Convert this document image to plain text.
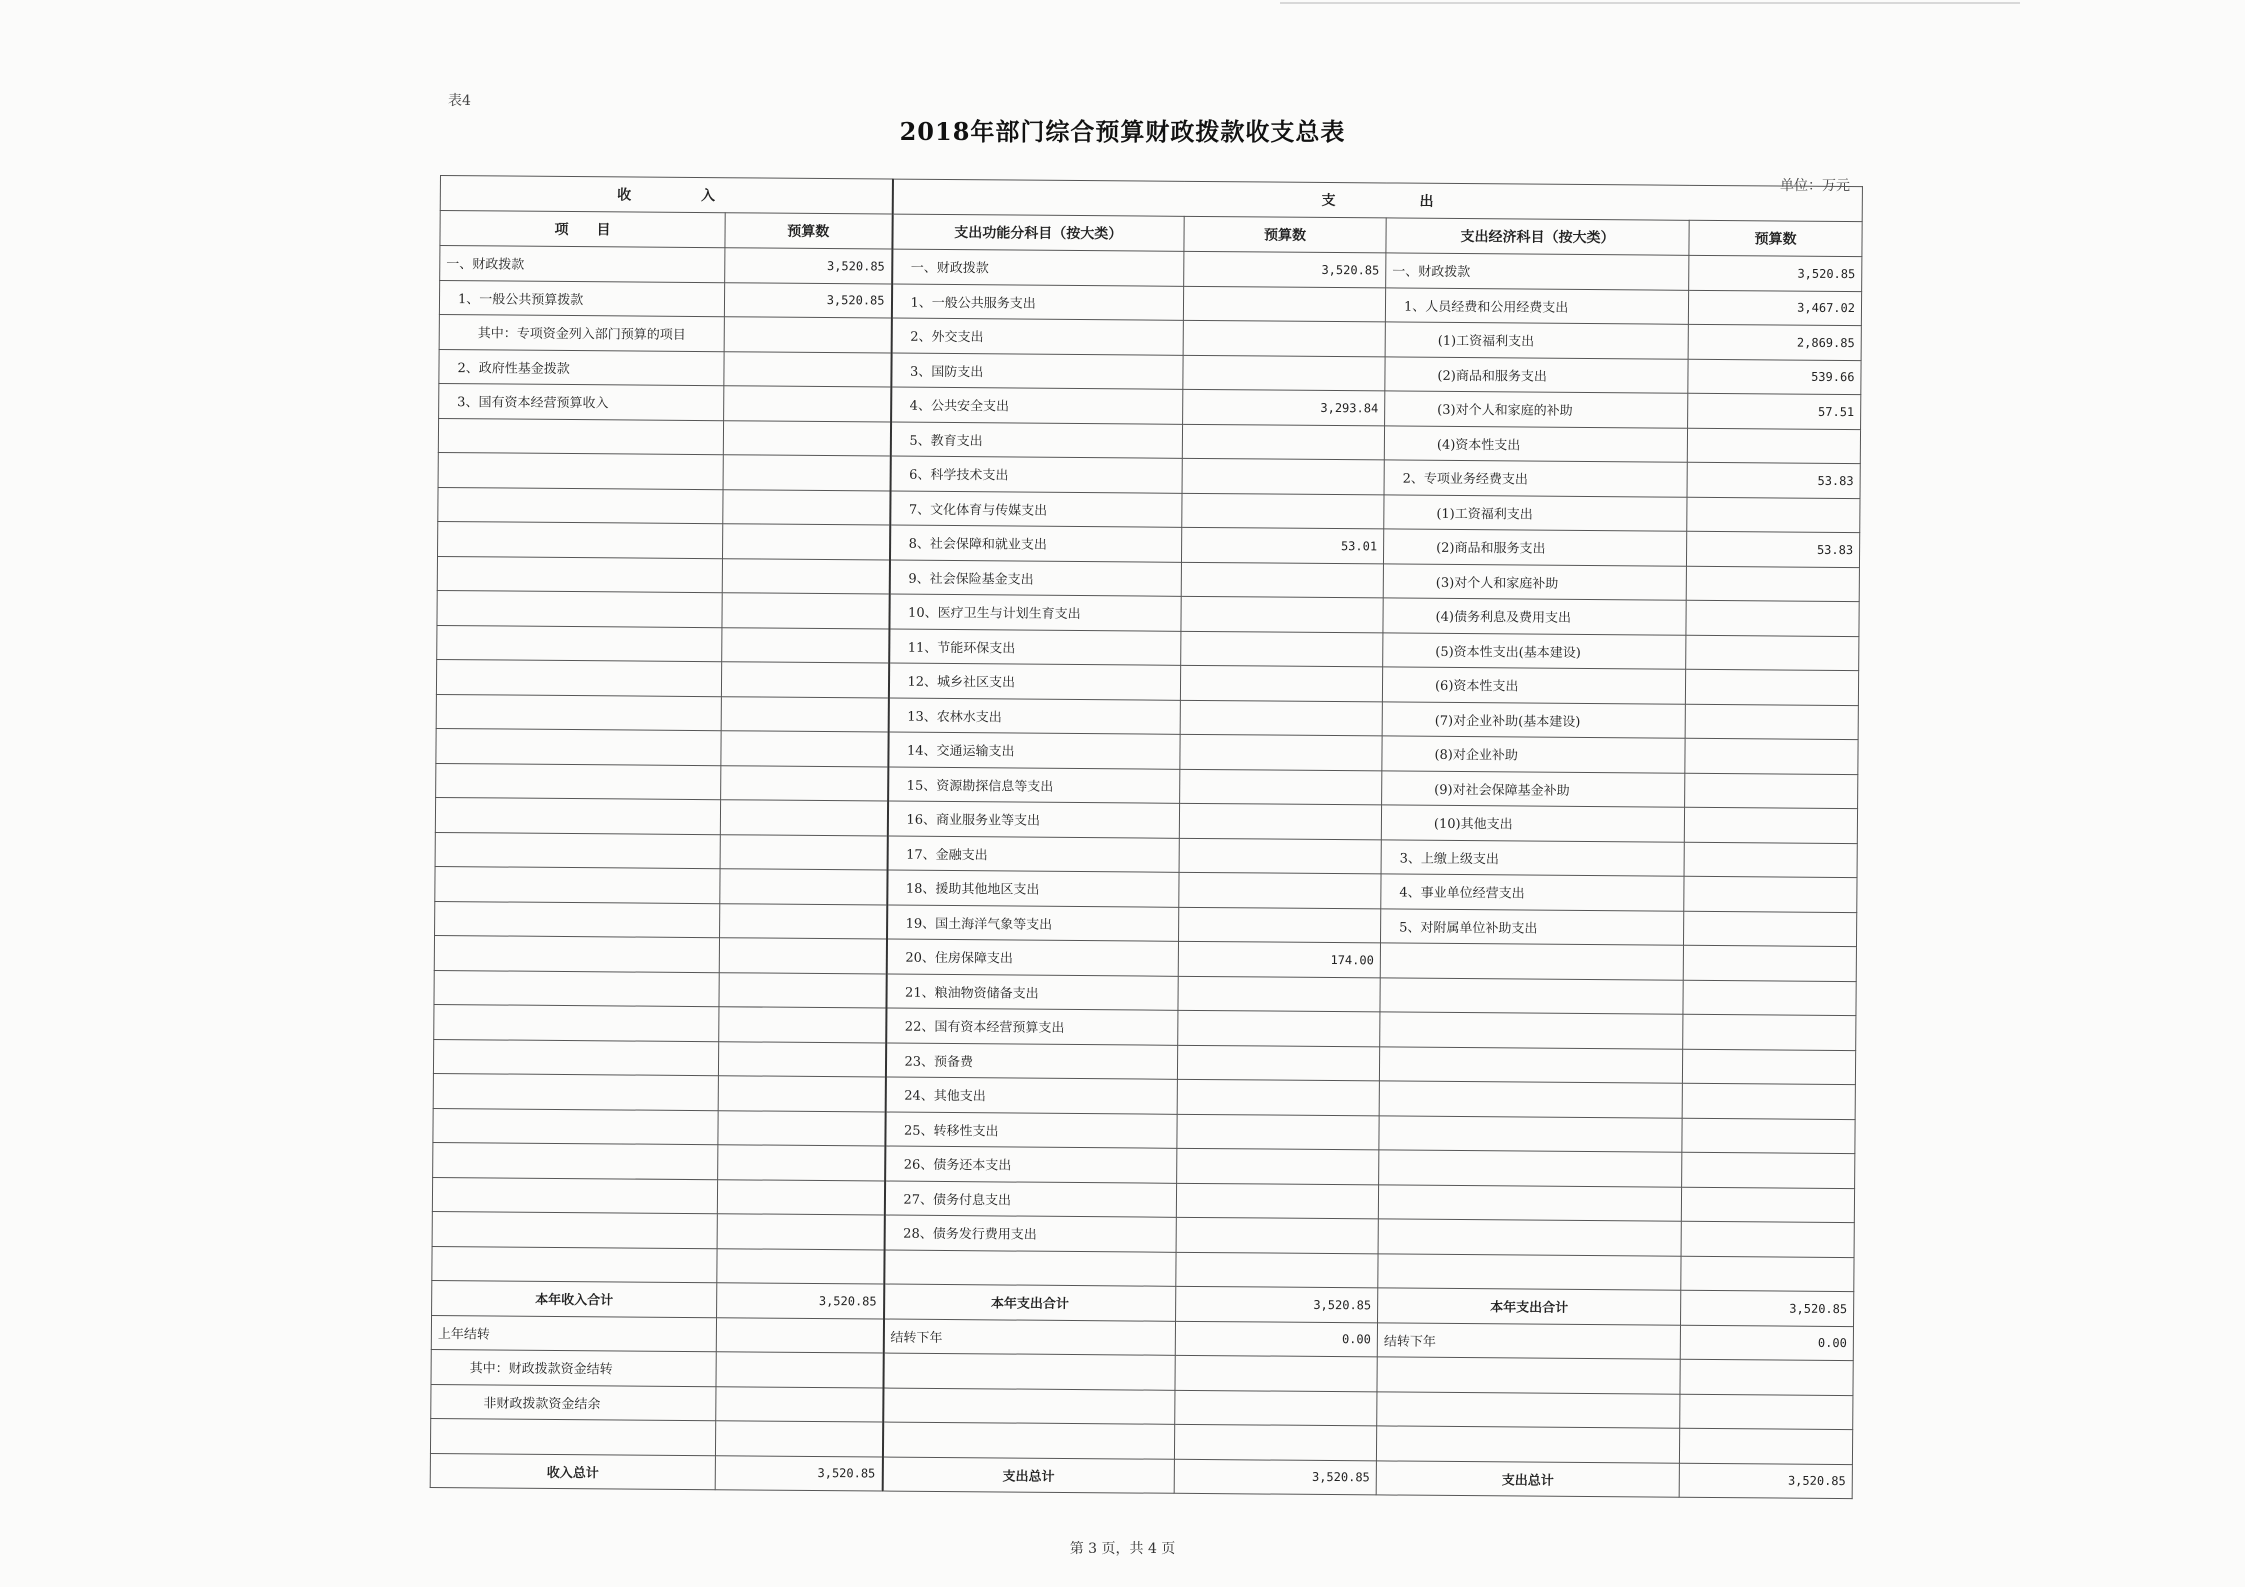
表4
2018年部门综合预算财政拨款收支总表
单位：万元
收　　　　　入		支　　　　　　出			
项　　目	预算数	支出功能分科目（按大类）	预算数	支出经济科目（按大类）	预算数
一、财政拨款	3,520.85	一、财政拨款	3,520.85	一、财政拨款	3,520.85
1、一般公共预算拨款	3,520.85	1、一般公共服务支出		1、人员经费和公用经费支出	3,467.02
其中：专项资金列入部门预算的项目		2、外交支出		(1)工资福利支出	2,869.85
2、政府性基金拨款		3、国防支出		(2)商品和服务支出	539.66
3、国有资本经营预算收入		4、公共安全支出	3,293.84	(3)对个人和家庭的补助	57.51
		5、教育支出		(4)资本性支出	
		6、科学技术支出		2、专项业务经费支出	53.83
		7、文化体育与传媒支出		(1)工资福利支出	
		8、社会保障和就业支出	53.01	(2)商品和服务支出	53.83
		9、社会保险基金支出		(3)对个人和家庭补助	
		10、医疗卫生与计划生育支出		(4)债务利息及费用支出	
		11、节能环保支出		(5)资本性支出(基本建设)	
		12、城乡社区支出		(6)资本性支出	
		13、农林水支出		(7)对企业补助(基本建设)	
		14、交通运输支出		(8)对企业补助	
		15、资源勘探信息等支出		(9)对社会保障基金补助	
		16、商业服务业等支出		(10)其他支出	
		17、金融支出		3、上缴上级支出	
		18、援助其他地区支出		4、事业单位经营支出	
		19、国土海洋气象等支出		5、对附属单位补助支出	
		20、住房保障支出	174.00		
		21、粮油物资储备支出			
		22、国有资本经营预算支出			
		23、预备费			
		24、其他支出			
		25、转移性支出			
		26、债务还本支出			
		27、债务付息支出			
		28、债务发行费用支出			

本年收入合计	3,520.85	本年支出合计	3,520.85	本年支出合计	3,520.85
上年结转		结转下年	0.00	结转下年	0.00
其中：财政拨款资金结转					
非财政拨款资金结余					

收入总计	3,520.85	支出总计	3,520.85	支出总计	3,520.85
第 3 页，共 4 页
